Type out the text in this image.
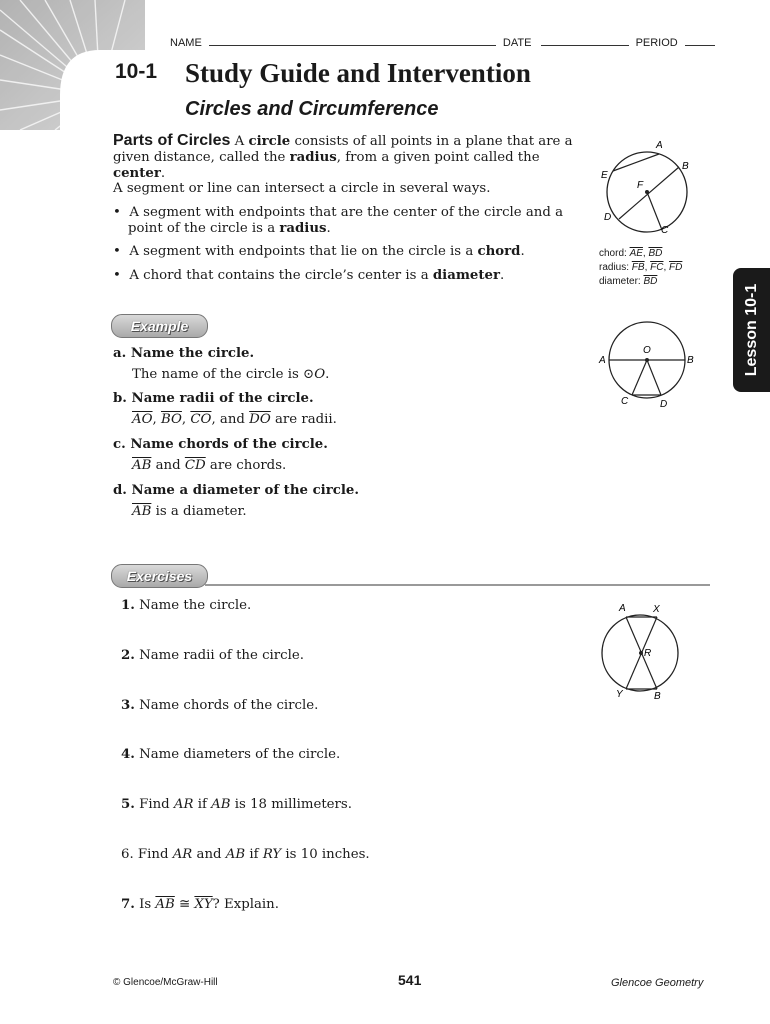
NAME	DATE	PERIOD
10-1 Study Guide and Intervention
Circles and Circumference
Parts of Circles A circle consists of all points in a plane that are a given distance, called the radius, from a given point called the center.
A segment or line can intersect a circle in several ways.
• A segment with endpoints that are the center of the circle and a point of the circle is a radius.
• A segment with endpoints that lie on the circle is a chord.
• A chord that contains the circle’s center is a diameter.
A
B
E
F
D
C
chord: $\overline{AE}$, $\overline{BD}$
radius: $\overline{FB}$, $\overline{FC}$, $\overline{FD}$
diameter: $\overline{BD}$
Lesson 10-1
Example
a. Name the circle.
The name of the circle is ⊙O.
b. Name radii of the circle.
$\overline{AO}$, $\overline{BO}$, $\overline{CO}$, and $\overline{DO}$ are radii.
c. Name chords of the circle.
$\overline{AB}$ and $\overline{CD}$ are chords.
d. Name a diameter of the circle.
$\overline{AB}$ is a diameter.
O
A	B
C	D
Exercises
1. Name the circle.
2. Name radii of the circle.
3. Name chords of the circle.
4. Name diameters of the circle.
5. Find AR if AB is 18 millimeters.
6. Find AR and AB if RY is 10 inches.
7. Is $\overline{AB}$ ≅ $\overline{XY}$? Explain.
A	X
R
Y	B
© Glencoe/McGraw-Hill	541	Glencoe Geometry
